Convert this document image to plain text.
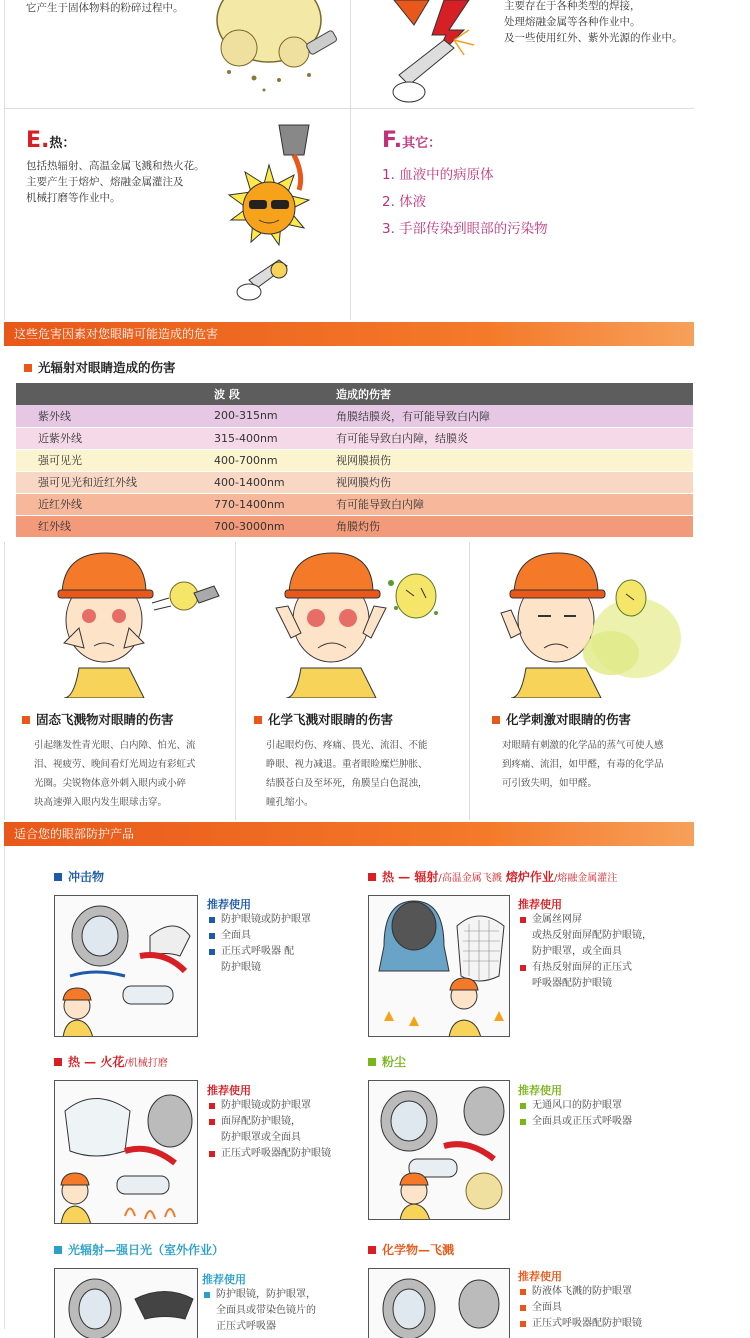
它产生于固体物料的粉碎过程中。	主要存在于各种类型的焊接，
处理熔融金属等各种作业中。
及一些使用红外、紫外光源的作业中。
E.热：
包括热辐射、高温金属飞溅和热火花。
主要产生于熔炉、熔融金属灌注及
机械打磨等作业中。
F.其它：
1. 血液中的病原体
2. 体液
3. 手部传染到眼部的污染物
这些危害因素对您眼睛可能造成的危害
光辐射对眼睛造成的伤害
	波 段	造成的伤害
紫外线	200-315nm	角膜结膜炎，有可能导致白内障
近紫外线	315-400nm	有可能导致白内障，结膜炎
强可见光	400-700nm	视网膜损伤
强可见光和近红外线	400-1400nm	视网膜灼伤
近红外线	770-1400nm	有可能导致白内障
红外线	700-3000nm	角膜灼伤
固态飞溅物对眼睛的伤害
引起继发性青光眼、白内障、怕光、流
泪、视疲劳、晚间看灯光周边有彩虹式
光圈。尖锐物体意外刺入眼内或小碎
块高速弹入眼内发生眼球击穿。
化学飞溅对眼睛的伤害
引起眼灼伤、疼痛、畏光、流泪、不能
睁眼、视力减退。重者眼睑糜烂肿胀、
结膜苍白及至坏死，角膜呈白色混浊，
瞳孔缩小。
化学刺激对眼睛的伤害
对眼睛有刺激的化学品的蒸气可使人感
到疼痛、流泪，如甲醛，有毒的化学品
可引致失明，如甲醛。
适合您的眼部防护产品
冲击物
推荐使用
防护眼镜或防护眼罩
全面具
正压式呼吸器 配
防护眼镜
热 — 辐射/高温金属飞溅 熔炉作业/熔融金属灌注
推荐使用
金属丝网屏
或热反射面屏配防护眼镜，
防护眼罩，或全面具
有热反射面屏的正压式
呼吸器配防护眼镜
热 — 火花/机械打磨
推荐使用
防护眼镜或防护眼罩
面屏配防护眼镜，
防护眼罩或全面具
正压式呼吸器配防护眼镜
粉尘
推荐使用
无通风口的防护眼罩
全面具或正压式呼吸器
光辐射—强日光（室外作业）
推荐使用
防护眼镜，防护眼罩，
全面具或带染色镜片的
正压式呼吸器
化学物—飞溅
推荐使用
防液体飞溅的防护眼罩
全面具
正压式呼吸器配防护眼镜
